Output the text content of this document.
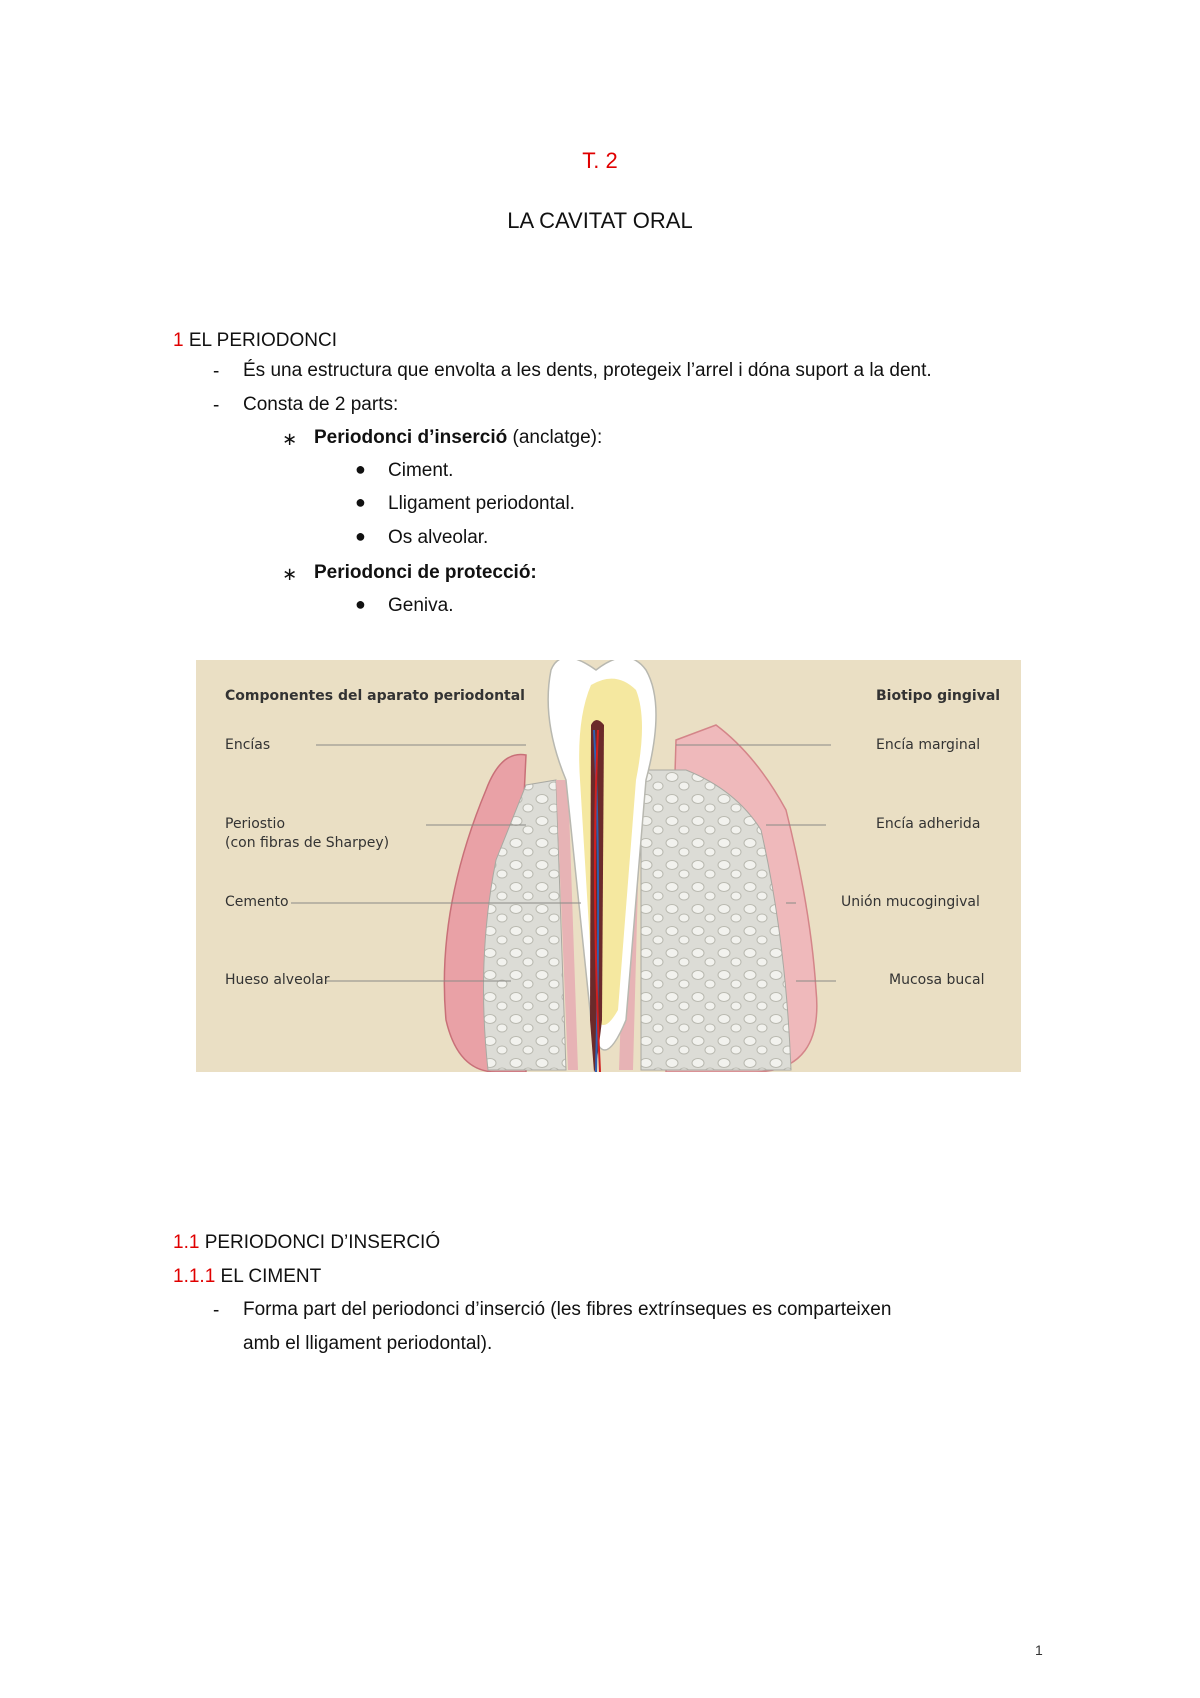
T. 2
LA CAVITAT ORAL
1 EL PERIODONCI
- És una estructura que envolta a les dents, protegeix l’arrel i dóna suport a la dent.
- Consta de 2 parts:
∗ Periodonci d’inserció (anclatge):
● Ciment.
● Lligament periodontal.
● Os alveolar.
∗ Periodonci de protecció:
● Geniva.
Componentes del aparato periodontal	Biotipo gingival
Encías
Periostio
(con fibras de Sharpey)
Cemento
Hueso alveolar
Encía marginal
Encía adherida
Unión mucogingival
Mucosa bucal
1.1 PERIODONCI D’INSERCIÓ
1.1.1 EL CIMENT
- Forma part del periodonci d’inserció (les fibres extrínseques es comparteixen
amb el lligament periodontal).
1
